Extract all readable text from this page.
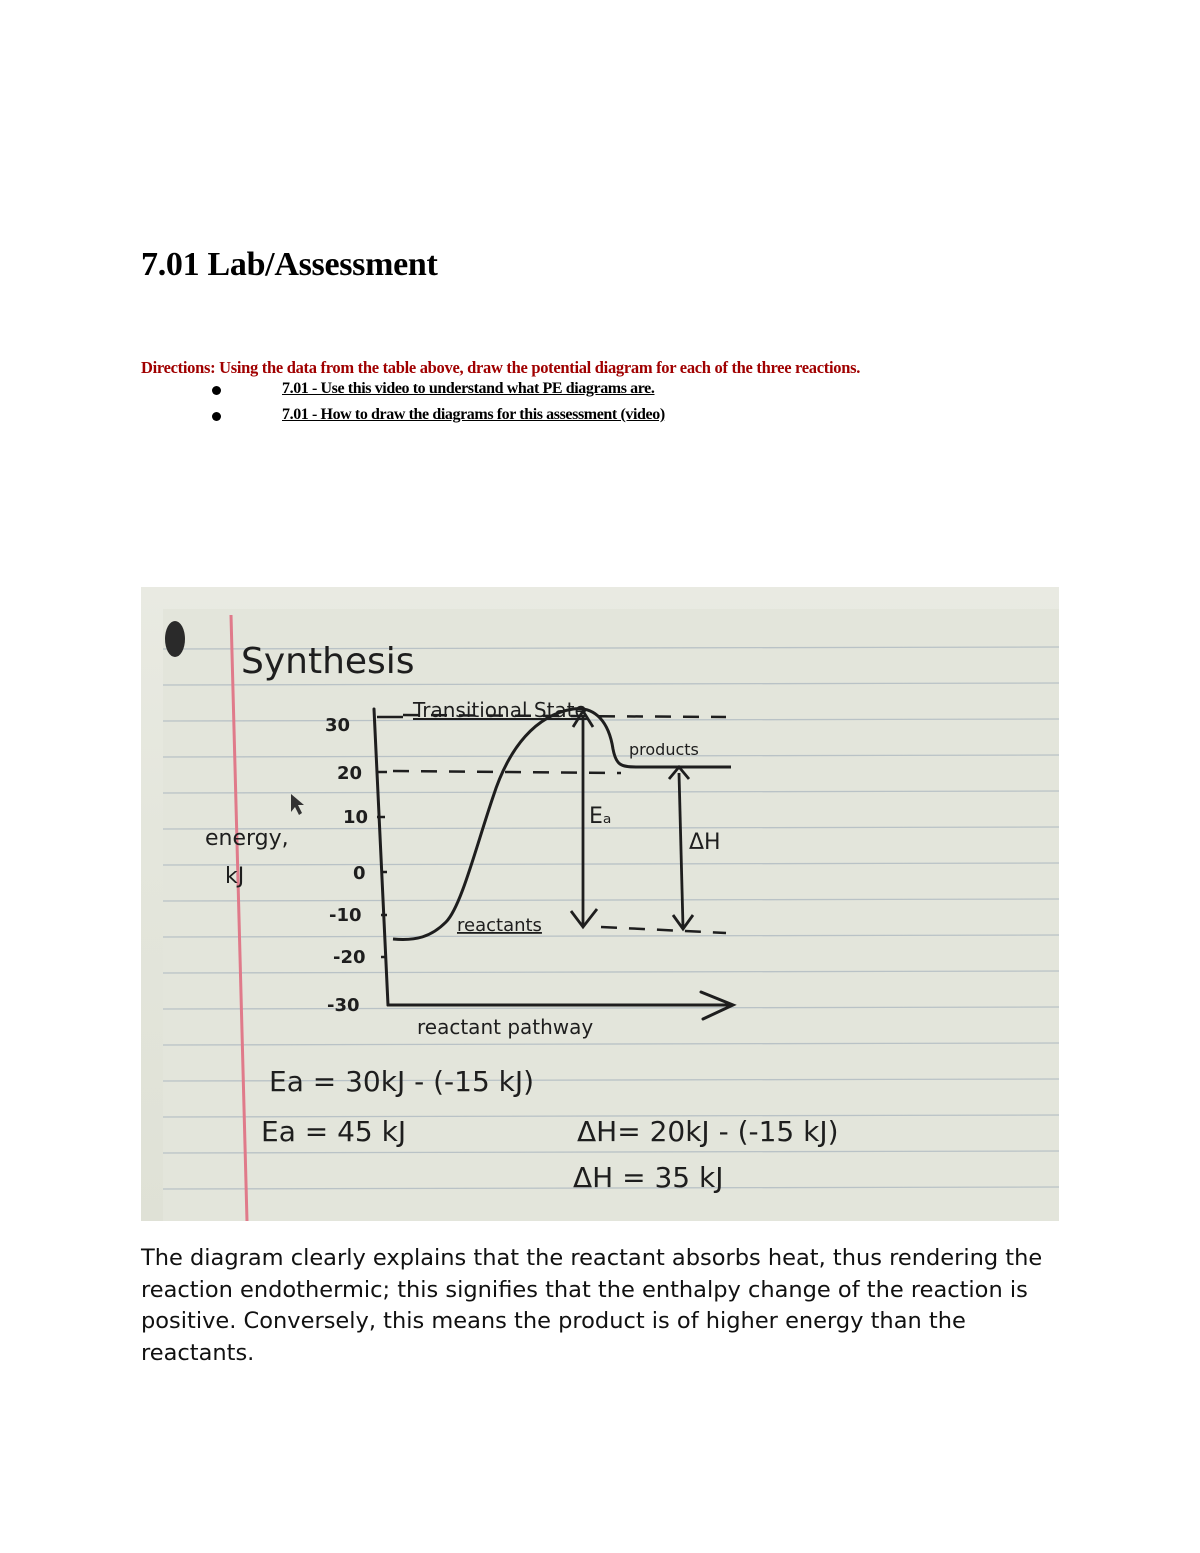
7.01 Lab/Assessment
Directions: Using the data from the table above, draw the potential diagram for each of the three reactions.
7.01 - Use this video to understand what PE diagrams are.
7.01 - How to draw the diagrams for this assessment (video)
Synthesis
Transitional State
products
reactants
Eₐ
ΔH
energy,
kJ
reactant pathway
30
20
10
0
-10
-20
-30
Ea = 30kJ - (-15 kJ)
Ea = 45 kJ	ΔH= 20kJ - (-15 kJ)
ΔH = 35 kJ

The diagram clearly explains that the reactant absorbs heat, thus rendering the reaction endothermic; this signifies that the enthalpy change of the reaction is positive. Conversely, this means the product is of higher energy than the reactants.
